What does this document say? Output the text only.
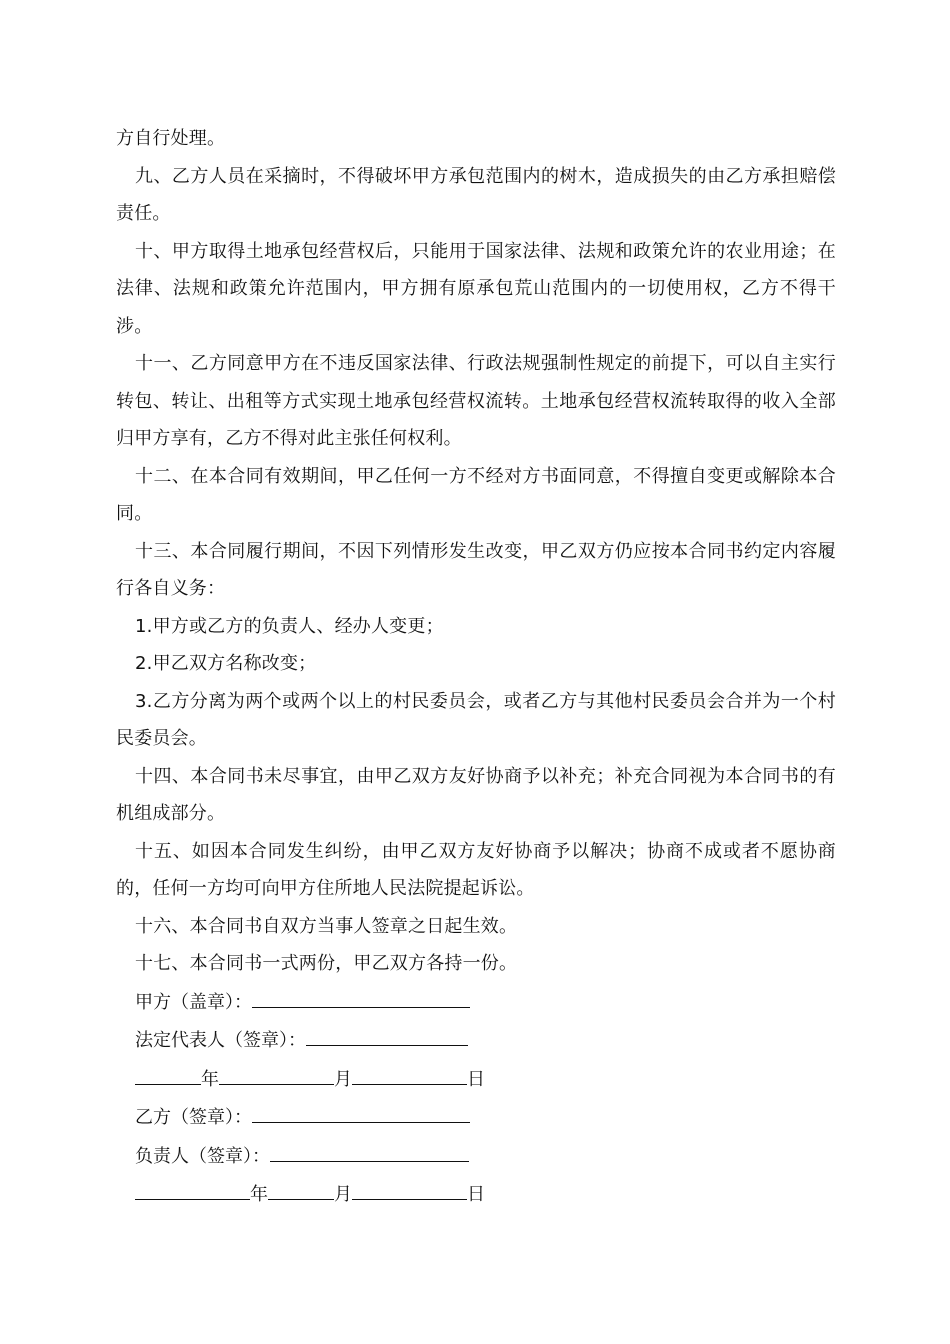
方自行处理。

九、乙方人员在采摘时，不得破坏甲方承包范围内的树木，造成损失的由乙方承担赔偿责任。

十、甲方取得土地承包经营权后，只能用于国家法律、法规和政策允许的农业用途；在法律、法规和政策允许范围内，甲方拥有原承包荒山范围内的一切使用权，乙方不得干涉。

十一、乙方同意甲方在不违反国家法律、行政法规强制性规定的前提下，可以自主实行转包、转让、出租等方式实现土地承包经营权流转。土地承包经营权流转取得的收入全部归甲方享有，乙方不得对此主张任何权利。

十二、在本合同有效期间，甲乙任何一方不经对方书面同意，不得擅自变更或解除本合同。

十三、本合同履行期间，不因下列情形发生改变，甲乙双方仍应按本合同书约定内容履行各自义务：

1.甲方或乙方的负责人、经办人变更；

2.甲乙双方名称改变；

3.乙方分离为两个或两个以上的村民委员会，或者乙方与其他村民委员会合并为一个村民委员会。

十四、本合同书未尽事宜，由甲乙双方友好协商予以补充；补充合同视为本合同书的有机组成部分。

十五、如因本合同发生纠纷，由甲乙双方友好协商予以解决；协商不成或者不愿协商的，任何一方均可向甲方住所地人民法院提起诉讼。

十六、本合同书自双方当事人签章之日起生效。

十七、本合同书一式两份，甲乙双方各持一份。

甲方（盖章）：
法定代表人（签章）：
年	月	日
乙方（签章）：
负责人（签章）：
年	月	日
